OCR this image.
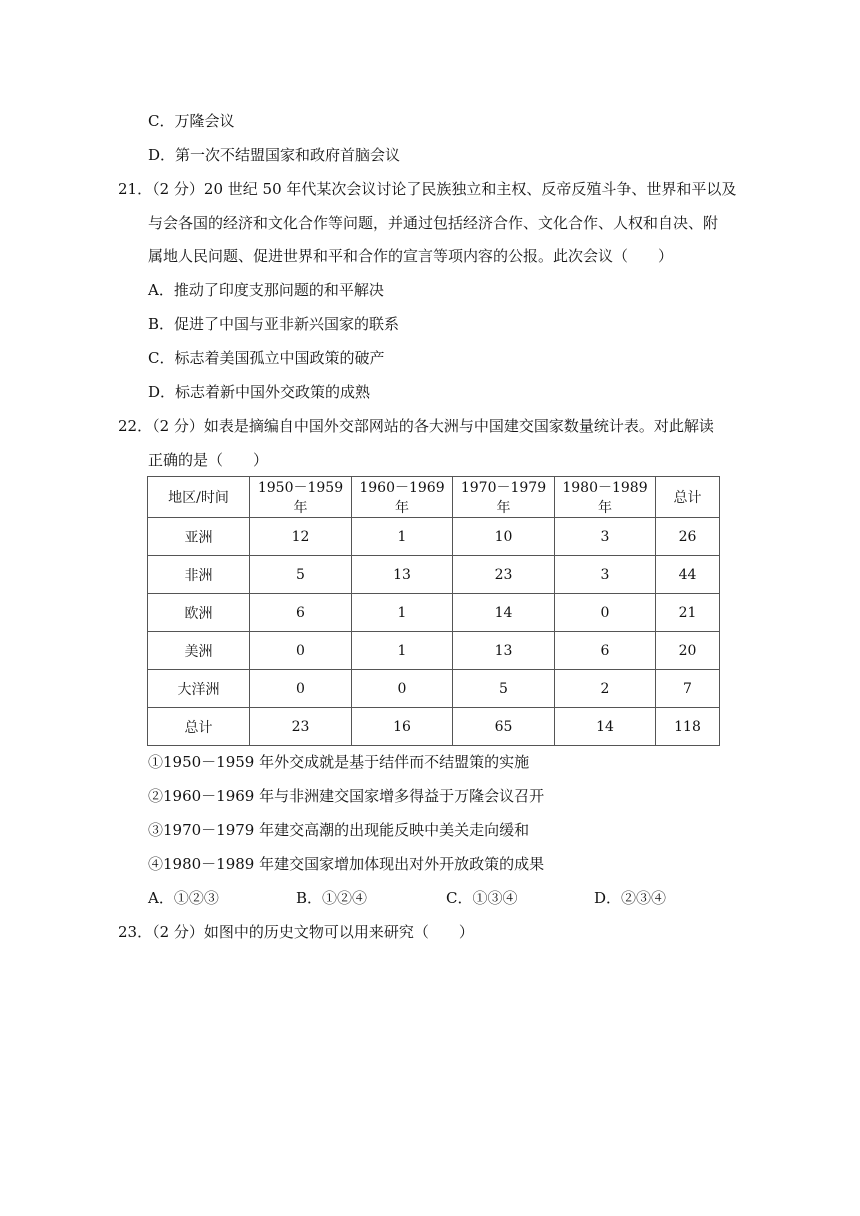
C．万隆会议
D．第一次不结盟国家和政府首脑会议
21．（2 分）20 世纪 50 年代某次会议讨论了民族独立和主权、反帝反殖斗争、世界和平以及
与会各国的经济和文化合作等问题，并通过包括经济合作、文化合作、人权和自决、附
属地人民问题、促进世界和平和合作的宣言等项内容的公报。此次会议（　　）
A．推动了印度支那问题的和平解决
B．促进了中国与亚非新兴国家的联系
C．标志着美国孤立中国政策的破产
D．标志着新中国外交政策的成熟
22．（2 分）如表是摘编自中国外交部网站的各大洲与中国建交国家数量统计表。对此解读
正确的是（　　）
地区/时间	1950－1959 年	1960－1969 年	1970－1979 年	1980－1989 年	总计
亚洲	12	1	10	3	26
非洲	5	13	23	3	44
欧洲	6	1	14	0	21
美洲	0	1	13	6	20
大洋洲	0	0	5	2	7
总计	23	16	65	14	118
①1950－1959 年外交成就是基于结伴而不结盟策的实施
②1960－1969 年与非洲建交国家增多得益于万隆会议召开
③1970－1979 年建交高潮的出现能反映中美关走向缓和
④1980－1989 年建交国家增加体现出对外开放政策的成果
A．①②③	B．①②④	C．①③④	D．②③④
23．（2 分）如图中的历史文物可以用来研究（　　）
